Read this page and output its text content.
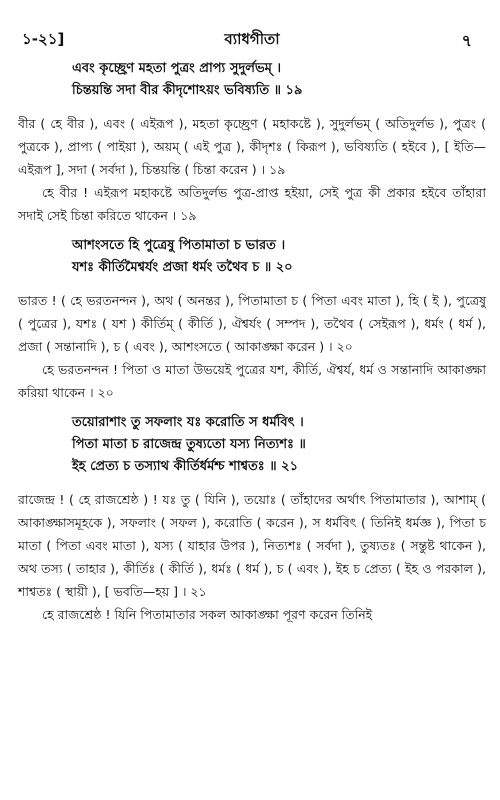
১-২১]	ব্যাধগীতা	৭

এবং কৃচ্ছ্রেণ মহতা পুত্রং প্রাপ্য সুদুর্লভম্ ।

চিন্তয়ন্তি সদা বীর কীদৃশোঽয়ং ভবিষ্যতি ॥ ১৯

বীর ( হে বীর ), এবং ( এইরূপ ), মহতা কৃচ্ছ্রেণ ( মহাকষ্টে ), সুদুর্লভম্ ( অতিদুর্লভ ), পুত্রং ( পুত্রকে ), প্রাপ্য ( পাইয়া ), অয়ম্ ( এই পুত্র ), কীদৃশঃ ( কিরূপ ), ভবিষ্যতি ( হইবে ), [ ইতি—এইরূপ ], সদা ( সর্বদা ), চিন্তয়ন্তি ( চিন্তা করেন ) । ১৯

হে বীর ! এইরূপ মহাকষ্টে অতিদুর্লভ পুত্র-প্রাপ্ত হইয়া, সেই পুত্র কী প্রকার হইবে তাঁহারা সদাই সেই চিন্তা করিতে থাকেন । ১৯

আশংসতে হি পুত্রেষু পিতামাতা চ ভারত ।

যশঃ কীর্তিমৈশ্বর্যং প্রজা ধর্মং তথৈব চ ॥ ২০

ভারত ! ( হে ভরতনন্দন ), অথ ( অনন্তর ), পিতামাতা চ ( পিতা এবং মাতা ), হি ( ই ), পুত্রেষু ( পুত্রের ), যশঃ ( যশ ) কীর্তিম্ ( কীর্তি ), ঐশ্বর্যং ( সম্পদ ), তথৈব ( সেইরূপ ), ধর্মং ( ধর্ম ), প্রজা ( সন্তানাদি ), চ ( এবং ), আশংসতে ( আকাঙ্ক্ষা করেন ) । ২০

হে ভরতনন্দন ! পিতা ও মাতা উভয়েই পুত্রের যশ, কীর্তি, ঐশ্বর্য, ধর্ম ও সন্তানাদি আকাঙ্ক্ষা করিয়া থাকেন । ২০

তয়োরাশাং তু সফলাং যঃ করোতি স ধর্মবিৎ ।

পিতা মাতা চ রাজেন্দ্র তুষ্যতো যস্য নিত্যশঃ ॥

ইহ প্রেত্য চ তস্যাথ কীর্তির্ধর্মশ্চ শাশ্বতঃ ॥ ২১

রাজেন্দ্র ! ( হে রাজশ্রেষ্ঠ ) ! যঃ তু ( যিনি ), তয়োঃ ( তাঁহাদের অর্থাৎ পিতামাতার ), আশাম্ ( আকাঙ্ক্ষাসমূহকে ), সফলাং ( সফল ), করোতি ( করেন ), স ধর্মবিৎ ( তিনিই ধর্মজ্ঞ ), পিতা চ মাতা ( পিতা এবং মাতা ), যস্য ( যাহার উপর ), নিত্যশঃ ( সর্বদা ), তুষ্যতঃ ( সন্তুষ্ট থাকেন ), অথ তস্য ( তাহার ), কীর্তিঃ ( কীর্তি ), ধর্মঃ ( ধর্ম ), চ ( এবং ), ইহ চ প্রেত্য ( ইহ ও পরকাল ), শাশ্বতঃ ( স্থায়ী ), [ ভবতি—হয় ] । ২১

হে রাজশ্রেষ্ঠ ! যিনি পিতামাতার সকল আকাঙ্ক্ষা পূরণ করেন তিনিই
